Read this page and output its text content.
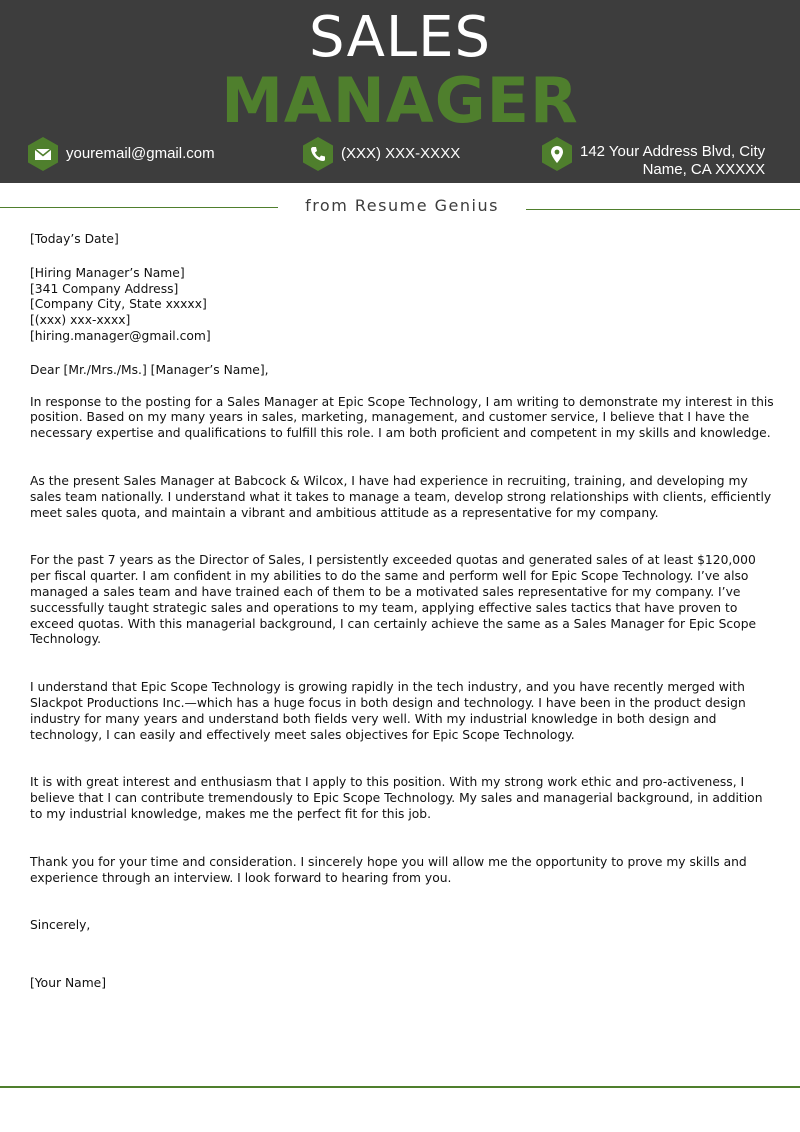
SALES
MANAGER
youremail@gmail.com	(XXX) XXX-XXXX	142 Your Address Blvd, City
Name, CA XXXXX
from Resume Genius

[Today’s Date]

[Hiring Manager’s Name]

[341 Company Address]

[Company City, State xxxxx]

[(xxx) xxx-xxxx]

[hiring.manager@gmail.com]

Dear [Mr./Mrs./Ms.] [Manager’s Name],

In response to the posting for a Sales Manager at Epic Scope Technology, I am writing to demonstrate my interest in this position. Based on my many years in sales, marketing, management, and customer service, I believe that I have the necessary expertise and qualifications to fulfill this role. I am both proficient and competent in my skills and knowledge.

As the present Sales Manager at Babcock & Wilcox, I have had experience in recruiting, training, and developing my sales team nationally. I understand what it takes to manage a team, develop strong relationships with clients, efficiently meet sales quota, and maintain a vibrant and ambitious attitude as a representative for my company.

For the past 7 years as the Director of Sales, I persistently exceeded quotas and generated sales of at least $120,000 per fiscal quarter. I am confident in my abilities to do the same and perform well for Epic Scope Technology. I’ve also managed a sales team and have trained each of them to be a motivated sales representative for my company. I’ve successfully taught strategic sales and operations to my team, applying effective sales tactics that have proven to exceed quotas. With this managerial background, I can certainly achieve the same as a Sales Manager for Epic Scope Technology.

I understand that Epic Scope Technology is growing rapidly in the tech industry, and you have recently merged with Slackpot Productions Inc.—which has a huge focus in both design and technology. I have been in the product design industry for many years and understand both fields very well. With my industrial knowledge in both design and technology, I can easily and effectively meet sales objectives for Epic Scope Technology.

It is with great interest and enthusiasm that I apply to this position. With my strong work ethic and pro-activeness, I believe that I can contribute tremendously to Epic Scope Technology. My sales and managerial background, in addition to my industrial knowledge, makes me the perfect fit for this job.

Thank you for your time and consideration. I sincerely hope you will allow me the opportunity to prove my skills and experience through an interview. I look forward to hearing from you.

Sincerely,

[Your Name]
